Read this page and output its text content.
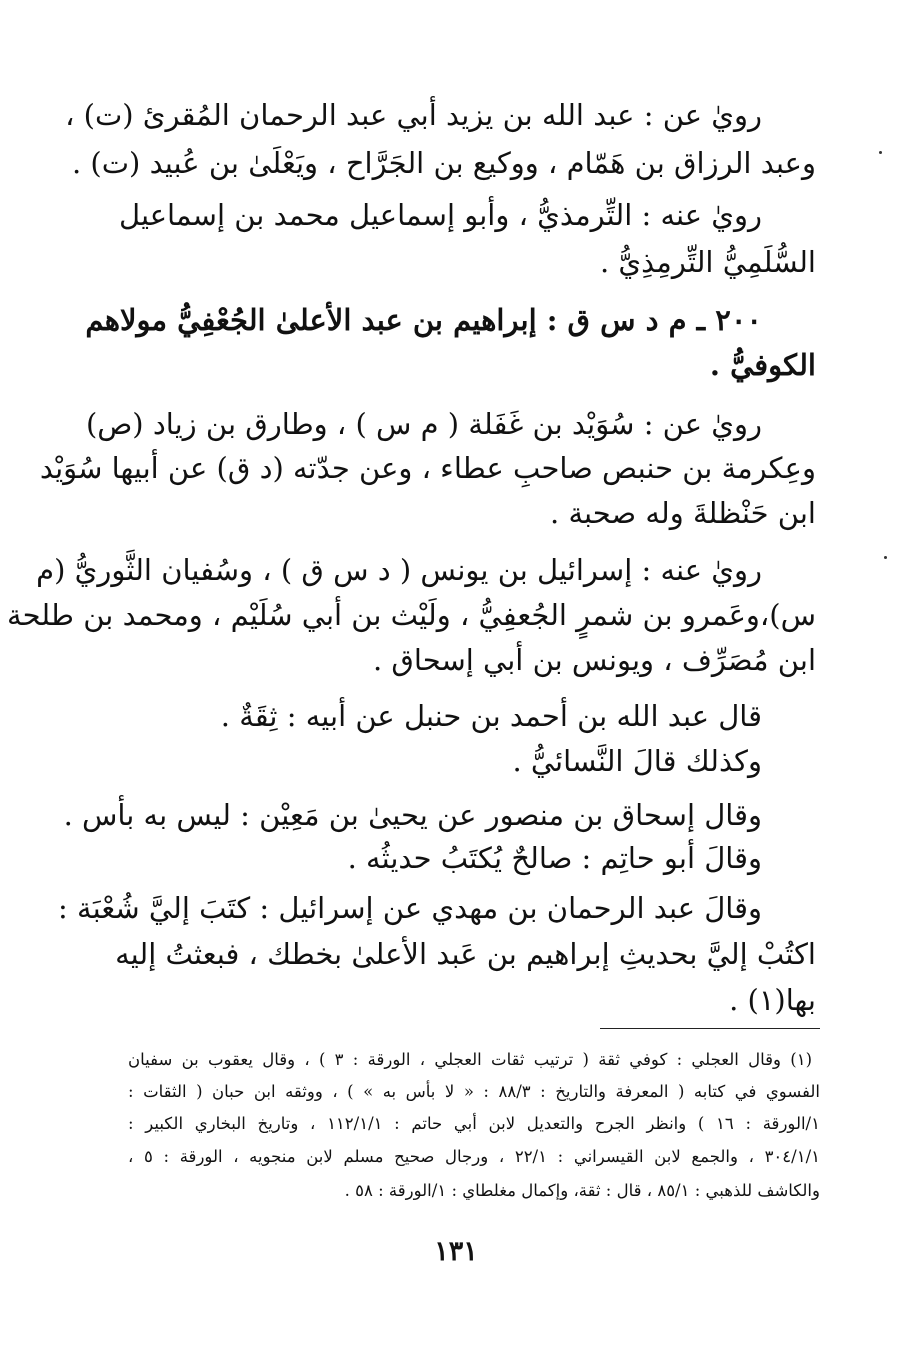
رويٰ عن : عبد الله بن يزيد أبي عبد الرحمان المُقرئ (ت) ،
وعبد الرزاق بن هَمّام ، ووكيع بن الجَرَّاح ، ويَعْلَىٰ بن عُبيد (ت) .
رويٰ عنه : التِّرمذيُّ ، وأبو إسماعيل محمد بن إسماعيل
السُّلَمِيُّ التِّرمِذِيُّ .
٢٠٠ ـ م د س ق : إبراهيم بن عبد الأعلىٰ الجُعْفِيُّ مولاهم
الكوفيُّ .
رويٰ عن : سُوَيْد بن غَفَلة ( م س ) ، وطارق بن زياد (ص)
وعِكرمة بن حنبص صاحبِ عطاء ، وعن جدّته (د ق) عن أبيها سُوَيْد
ابن حَنْظلةَ وله صحبة .
رويٰ عنه : إسرائيل بن يونس ( د س ق ) ، وسُفيان الثَّوريُّ (م
س)،وعَمرو بن شمرٍ الجُعفِيُّ ، ولَيْث بن أبي سُلَيْم ، ومحمد بن طلحة
ابن مُصَرِّف ، ويونس بن أبي إسحاق .
قال عبد الله بن أحمد بن حنبل عن أبيه : ثِقَةٌ .
وكذلك قالَ النَّسائيُّ .
وقال إسحاق بن منصور عن يحيىٰ بن مَعِيْن : ليس به بأس .
وقالَ أبو حاتِم : صالحٌ يُكتَبُ حديثُه .
وقالَ عبد الرحمان بن مهدي عن إسرائيل : كتَبَ إليَّ شُعْبَة :
اكتُبْ إليَّ بحديثِ إبراهيم بن عَبد الأعلىٰ بخطك ، فبعثتُ إليه
بها(١) .
(١) وقال العجلي : كوفي ثقة ( ترتيب ثقات العجلي ، الورقة : ٣ ) ، وقال يعقوب بن سفيان
الفسوي في كتابه ( المعرفة والتاريخ : ٨٨/٣ : « لا بأس به » ) ، ووثقه ابن حبان ( الثقات :
١/الورقة : ١٦ ) وانظر الجرح والتعديل لابن أبي حاتم : ١١٢/١/١ ، وتاريخ البخاري الكبير :
٣٠٤/١/١ ، والجمع لابن القيسراني : ٢٢/١ ، ورجال صحيح مسلم لابن منجويه ، الورقة : ٥ ،
والكاشف للذهبي : ٨٥/١ ، قال : ثقة، وإكمال مغلطاي : ١/الورقة : ٥٨ .
١٣١
